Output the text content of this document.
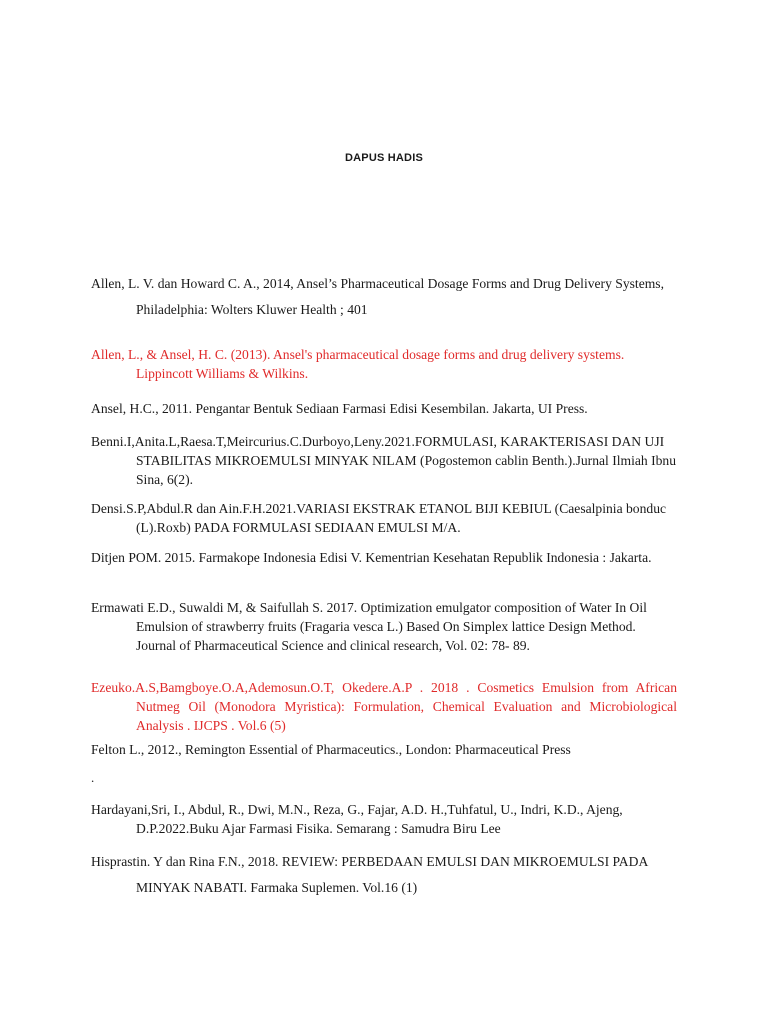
DAPUS HADIS
Allen, L. V. dan Howard C. A., 2014, Ansel’s Pharmaceutical Dosage Forms and Drug Delivery Systems, Philadelphia: Wolters Kluwer Health ; 401
Allen, L., & Ansel, H. C. (2013). Ansel's pharmaceutical dosage forms and drug delivery systems. Lippincott Williams & Wilkins.
Ansel, H.C., 2011. Pengantar Bentuk Sediaan Farmasi Edisi Kesembilan. Jakarta, UI Press.
Benni.I,Anita.L,Raesa.T,Meircurius.C.Durboyo,Leny.2021.FORMULASI, KARAKTERISASI DAN UJI STABILITAS MIKROEMULSI MINYAK NILAM (Pogostemon cablin Benth.).Jurnal Ilmiah Ibnu Sina, 6(2).
Densi.S.P,Abdul.R dan Ain.F.H.2021.VARIASI EKSTRAK ETANOL BIJI KEBIUL (Caesalpinia bonduc (L).Roxb) PADA FORMULASI SEDIAAN EMULSI M/A.
Ditjen POM. 2015. Farmakope Indonesia Edisi V. Kementrian Kesehatan Republik Indonesia : Jakarta.
Ermawati E.D., Suwaldi M, & Saifullah S. 2017. Optimization emulgator composition of Water In Oil Emulsion of strawberry fruits (Fragaria vesca L.) Based On Simplex lattice Design Method. Journal of Pharmaceutical Science and clinical research, Vol. 02: 78- 89.
Ezeuko.A.S,Bamgboye.O.A,Ademosun.O.T, Okedere.A.P . 2018 . Cosmetics Emulsion from African Nutmeg Oil (Monodora Myristica): Formulation, Chemical Evaluation and Microbiological Analysis . IJCPS . Vol.6 (5)
Felton L., 2012., Remington Essential of Pharmaceutics., London: Pharmaceutical Press
Hardayani,Sri, I., Abdul, R., Dwi, M.N., Reza, G., Fajar, A.D. H.,Tuhfatul, U., Indri, K.D., Ajeng, D.P.2022.Buku Ajar Farmasi Fisika. Semarang : Samudra Biru Lee
Hisprastin. Y dan Rina F.N., 2018. REVIEW: PERBEDAAN EMULSI DAN MIKROEMULSI PADA MINYAK NABATI. Farmaka Suplemen. Vol.16 (1)
.
